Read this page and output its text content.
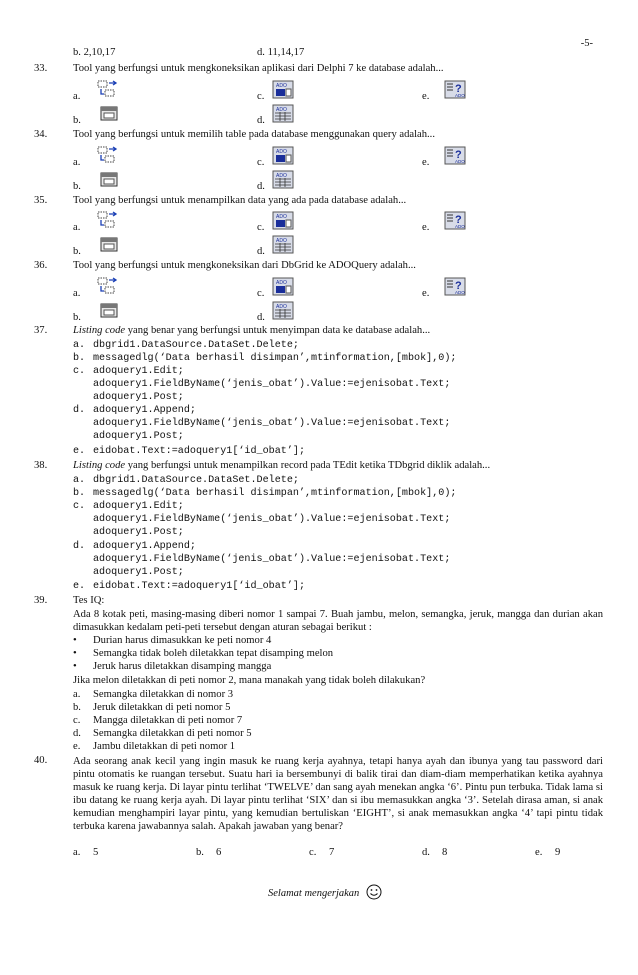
-5-
b. 2,10,17	d. 11,14,17
33. Tool yang berfungsi untuk mengkoneksikan aplikasi dari Delphi 7 ke database adalah...
a.	c.	e.
b.	d.
34. Tool yang berfungsi untuk memilih table pada database menggunakan query adalah...
a.	c.	e.
b.	d.
35. Tool yang berfungsi untuk menampilkan data yang ada pada database adalah...
a.	c.	e.
b.	d.
36. Tool yang berfungsi untuk mengkoneksikan dari DbGrid ke ADOQuery adalah...
a.	c.	e.
b.	d.
37. Listing code yang benar yang berfungsi untuk menyimpan data ke database adalah...
a. dbgrid1.DataSource.DataSet.Delete;
b. messagedlg(‘Data berhasil disimpan’,mtinformation,[mbok],0);
c. adoquery1.Edit;
adoquery1.FieldByName(‘jenis_obat’).Value:=ejenisobat.Text;
adoquery1.Post;
d. adoquery1.Append;
adoquery1.FieldByName(‘jenis_obat’).Value:=ejenisobat.Text;
adoquery1.Post;
e. eidobat.Text:=adoquery1[‘id_obat’];
38. Listing code yang berfungsi untuk menampilkan record pada TEdit ketika TDbgrid diklik adalah...
a. dbgrid1.DataSource.DataSet.Delete;
b. messagedlg(‘Data berhasil disimpan’,mtinformation,[mbok],0);
c. adoquery1.Edit;
adoquery1.FieldByName(‘jenis_obat’).Value:=ejenisobat.Text;
adoquery1.Post;
d. adoquery1.Append;
adoquery1.FieldByName(‘jenis_obat’).Value:=ejenisobat.Text;
adoquery1.Post;
e. eidobat.Text:=adoquery1[‘id_obat’];
39. Tes IQ:
Ada 8 kotak peti, masing-masing diberi nomor 1 sampai 7. Buah jambu, melon, semangka, jeruk, mangga dan durian akan dimasukkan kedalam peti-peti tersebut dengan aturan sebagai berikut :
• Durian harus dimasukkan ke peti nomor 4
• Semangka tidak boleh diletakkan tepat disamping melon
• Jeruk harus diletakkan disamping mangga
Jika melon diletakkan di peti nomor 2, mana manakah yang tidak boleh dilakukan?
a. Semangka diletakkan di nomor 3
b. Jeruk diletakkan di peti nomor 5
c. Mangga diletakkan di peti nomor 7
d. Semangka diletakkan di peti nomor 5
e. Jambu diletakkan di peti nomor 1
40. Ada seorang anak kecil yang ingin masuk ke ruang kerja ayahnya, tetapi hanya ayah dan ibunya yang tau password dari pintu otomatis ke ruangan tersebut. Suatu hari ia bersembunyi di balik tirai dan diam-diam memperhatikan ketika ayahnya masuk ke ruang kerja. Di layar pintu terlihat ‘TWELVE’ dan sang ayah menekan angka ‘6’. Pintu pun terbuka. Tidak lama si ibu datang ke ruang kerja ayah. Di layar pintu terlihat ‘SIX’ dan si ibu memasukkan angka ‘3’. Setelah dirasa aman, si anak kemudian menghampiri layar pintu, yang kemudian bertuliskan ‘EIGHT’, si anak memasukkan angka ‘4’ tapi pintu tidak terbuka karena jawabannya salah. Apakah jawaban yang benar?
a. 5	b. 6	c. 7	d. 8	e. 9
Selamat mengerjakan
